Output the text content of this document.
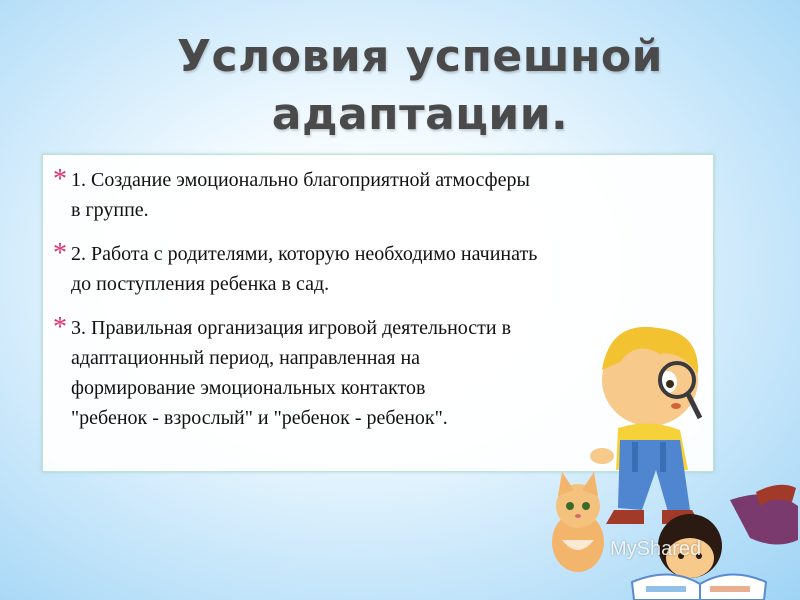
Условия успешной
адаптации.
* 1. Создание эмоционально благоприятной атмосферы
в группе.
* 2. Работа с родителями, которую необходимо начинать
до поступления ребенка в сад.
* 3. Правильная организация игровой деятельности в
адаптационный период, направленная на
формирование эмоциональных контактов
"ребенок - взрослый" и "ребенок - ребенок".
MyShared
